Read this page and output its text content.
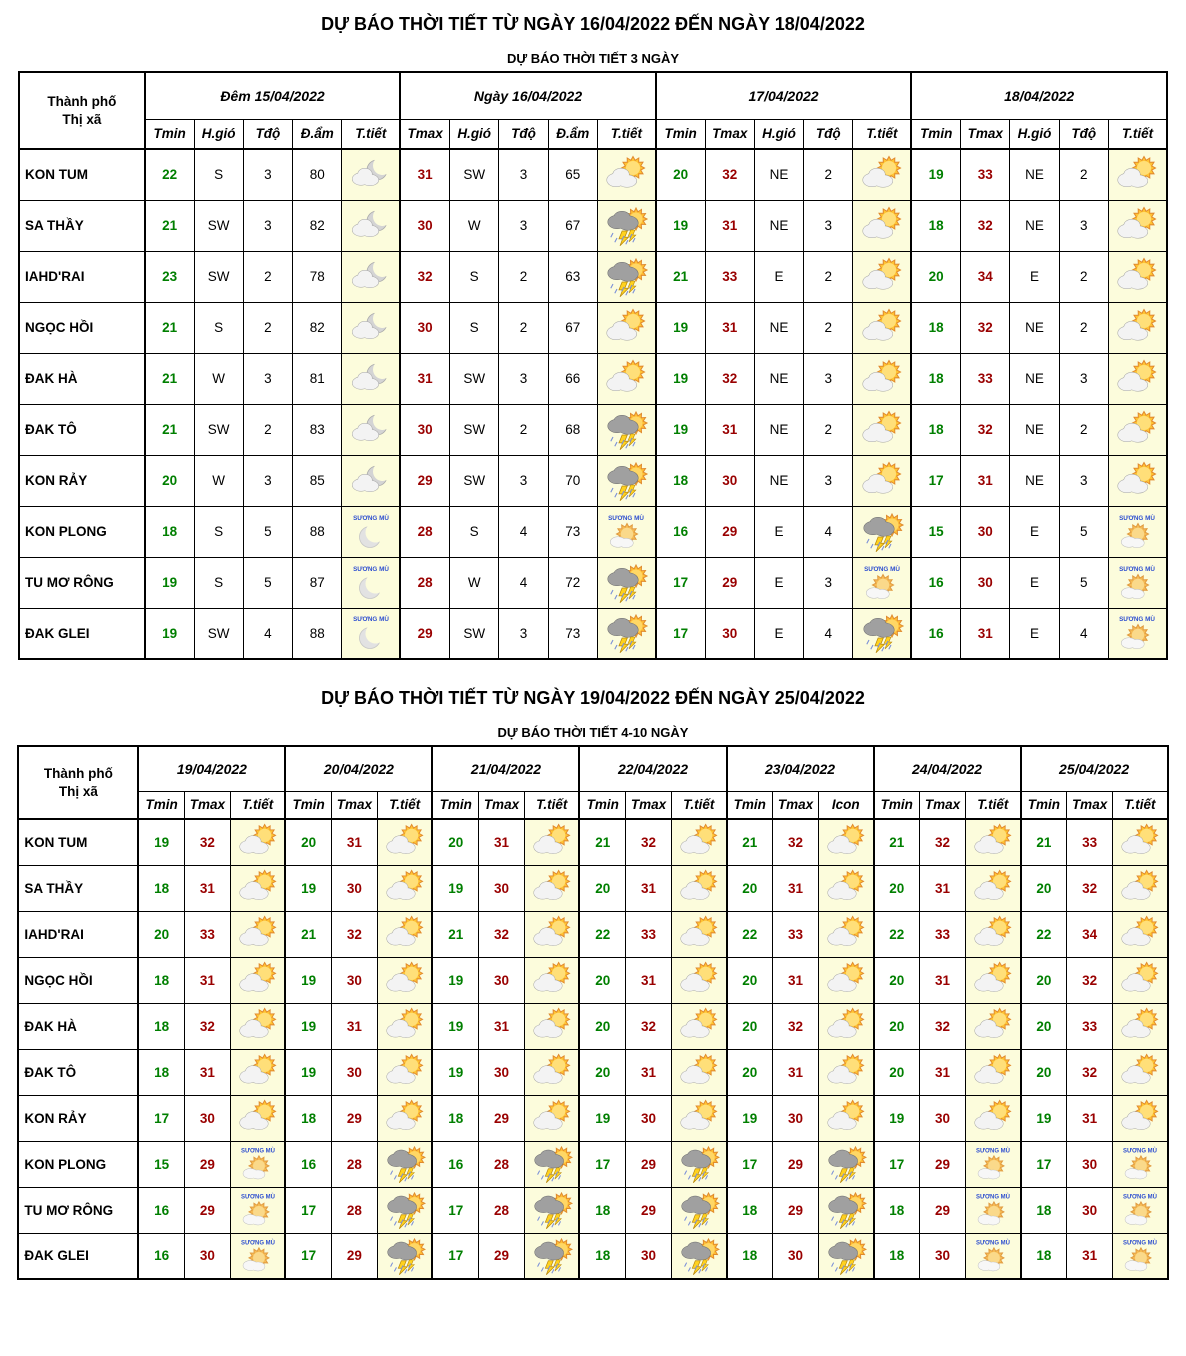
DỰ BÁO THỜI TIẾT TỪ NGÀY 16/04/2022 ĐẾN NGÀY 18/04/2022
DỰ BÁO THỜI TIẾT 3 NGÀY
Thành phố
Thị xã	Đêm 15/04/2022					Ngày 16/04/2022					17/04/2022					18/04/2022				
	Tmin	H.gió	Tđộ	Đ.ẩm	T.tiết	Tmax	H.gió	Tđộ	Đ.ẩm	T.tiết	Tmin	Tmax	H.gió	Tđộ	T.tiết	Tmin	Tmax	H.gió	Tđộ	T.tiết
KON TUM	22	S	3	80		31	SW	3	65		20	32	NE	2		19	33	NE	2	

SA THẦY	21	SW	3	82		30	W	3	67		19	31	NE	3		18	32	NE	3	

IAHD'RAI	23	SW	2	78		32	S	2	63		21	33	E	2		20	34	E	2	

NGỌC HỒI	21	S	2	82		30	S	2	67		19	31	NE	2		18	32	NE	2	

ĐAK HÀ	21	W	3	81		31	SW	3	66		19	32	NE	3		18	33	NE	3	

ĐAK TÔ	21	SW	2	83		30	SW	2	68		19	31	NE	2		18	32	NE	2	

KON RẢY	20	W	3	85		29	SW	3	70		18	30	NE	3		17	31	NE	3	

KON PLONG	18	S	5	88	SƯƠNG MÙ	28	S	4	73	SƯƠNG MÙ	16	29	E	4		15	30	E	5	SƯƠNG MÙ

TU MƠ RÔNG	19	S	5	87	SƯƠNG MÙ	28	W	4	72		17	29	E	3	SƯƠNG MÙ	16	30	E	5	SƯƠNG MÙ

ĐAK GLEI	19	SW	4	88	SƯƠNG MÙ	29	SW	3	73		17	30	E	4		16	31	E	4	SƯƠNG MÙ
DỰ BÁO THỜI TIẾT TỪ NGÀY 19/04/2022 ĐẾN NGÀY 25/04/2022
DỰ BÁO THỜI TIẾT 4-10 NGÀY
Thành phố
Thị xã	19/04/2022			20/04/2022			21/04/2022			22/04/2022			23/04/2022			24/04/2022			25/04/2022		
	Tmin	Tmax	T.tiết	Tmin	Tmax	T.tiết	Tmin	Tmax	T.tiết	Tmin	Tmax	T.tiết	Tmin	Tmax	Icon	Tmin	Tmax	T.tiết	Tmin	Tmax	T.tiết
KON TUM	19	32		20	31		20	31		21	32		21	32		21	32		21	33	

SA THẦY	18	31		19	30		19	30		20	31		20	31		20	31		20	32	

IAHD'RAI	20	33		21	32		21	32		22	33		22	33		22	33		22	34	

NGỌC HỒI	18	31		19	30		19	30		20	31		20	31		20	31		20	32	

ĐAK HÀ	18	32		19	31		19	31		20	32		20	32		20	32		20	33	

ĐAK TÔ	18	31		19	30		19	30		20	31		20	31		20	31		20	32	

KON RẢY	17	30		18	29		18	29		19	30		19	30		19	30		19	31	

KON PLONG	15	29	SƯƠNG MÙ	16	28		16	28		17	29		17	29		17	29	SƯƠNG MÙ	17	30	SƯƠNG MÙ

TU MƠ RÔNG	16	29	SƯƠNG MÙ	17	28		17	28		18	29		18	29		18	29	SƯƠNG MÙ	18	30	SƯƠNG MÙ

ĐAK GLEI	16	30	SƯƠNG MÙ	17	29		17	29		18	30		18	30		18	30	SƯƠNG MÙ	18	31	SƯƠNG MÙ
